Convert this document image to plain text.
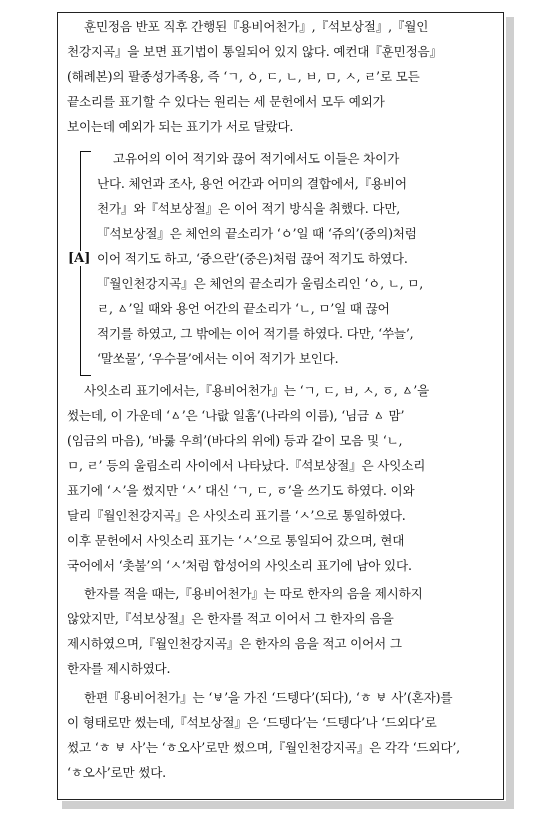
훈민정음 반포 직후 간행된『용비어천가』,『석보상절』,『월인
천강지곡』을 보면 표기법이 통일되어 있지 않다. 예컨대『훈민정음』
(해례본)의 팔종성가족용, 즉 ‘ㄱ, ㆁ, ㄷ, ㄴ, ㅂ, ㅁ, ㅅ, ㄹ’로 모든
끝소리를 표기할 수 있다는 원리는 세 문헌에서 모두 예외가
보이는데 예외가 되는 표기가 서로 달랐다.
[A]
고유어의 이어 적기와 끊어 적기에서도 이들은 차이가
난다. 체언과 조사, 용언 어간과 어미의 결합에서,『용비어
천가』와『석보상절』은 이어 적기 방식을 취했다. 다만,
『석보상절』은 체언의 끝소리가 ‘ㆁ’일 때 ‘쥬의’(중의)처럼
이어 적기도 하고, ‘즁으란’(중은)처럼 끊어 적기도 하였다.
『월인천강지곡』은 체언의 끝소리가 울림소리인 ‘ㆁ, ㄴ, ㅁ,
ㄹ, ㅿ’일 때와 용언 어간의 끝소리가 ‘ㄴ, ㅁ’일 때 끊어
적기를 하였고, 그 밖에는 이어 적기를 하였다. 다만, ‘쑤늘’,
‘말쏘물’, ‘우수믈’에서는 이어 적기가 보인다.
사잇소리 표기에서는,『용비어천가』는 ‘ㄱ, ㄷ, ㅂ, ㅅ, ㆆ, ㅿ’을
썼는데, 이 가운데 ‘ㅿ’은 ‘나랎 일훔’(나라의 이름), ‘님금 ㅿ 맘’
(임금의 마음), ‘바룷 우희’(바다의 위에) 등과 같이 모음 및 ‘ㄴ,
ㅁ, ㄹ’ 등의 울림소리 사이에서 나타났다.『석보상절』은 사잇소리
표기에 ‘ㅅ’을 썼지만 ‘ㅅ’ 대신 ‘ㄱ, ㄷ, ㆆ’을 쓰기도 하였다. 이와
달리『월인천강지곡』은 사잇소리 표기를 ‘ㅅ’으로 통일하였다.
이후 문헌에서 사잇소리 표기는 ‘ㅅ’으로 통일되어 갔으며, 현대
국어에서 ‘촛불’의 ‘ㅅ’처럼 합성어의 사잇소리 표기에 남아 있다.
한자를 적을 때는,『용비어천가』는 따로 한자의 음을 제시하지
않았지만,『석보상절』은 한자를 적고 이어서 그 한자의 음을
제시하였으며,『월인천강지곡』은 한자의 음을 적고 이어서 그
한자를 제시하였다.
한편『용비어천가』는 ‘ㅸ’을 가진 ‘드텡다’(되다), ‘ㅎ ㅸ 사’(혼자)를
이 형태로만 썼는데,『석보상절』은 ‘드텡다’는 ‘드텡다’나 ‘드외다’로
썼고 ‘ㅎ ㅸ 사’는 ‘ㅎ오사’로만 썼으며,『월인천강지곡』은 각각 ‘드외다’,
‘ㅎ오사’로만 썼다.
